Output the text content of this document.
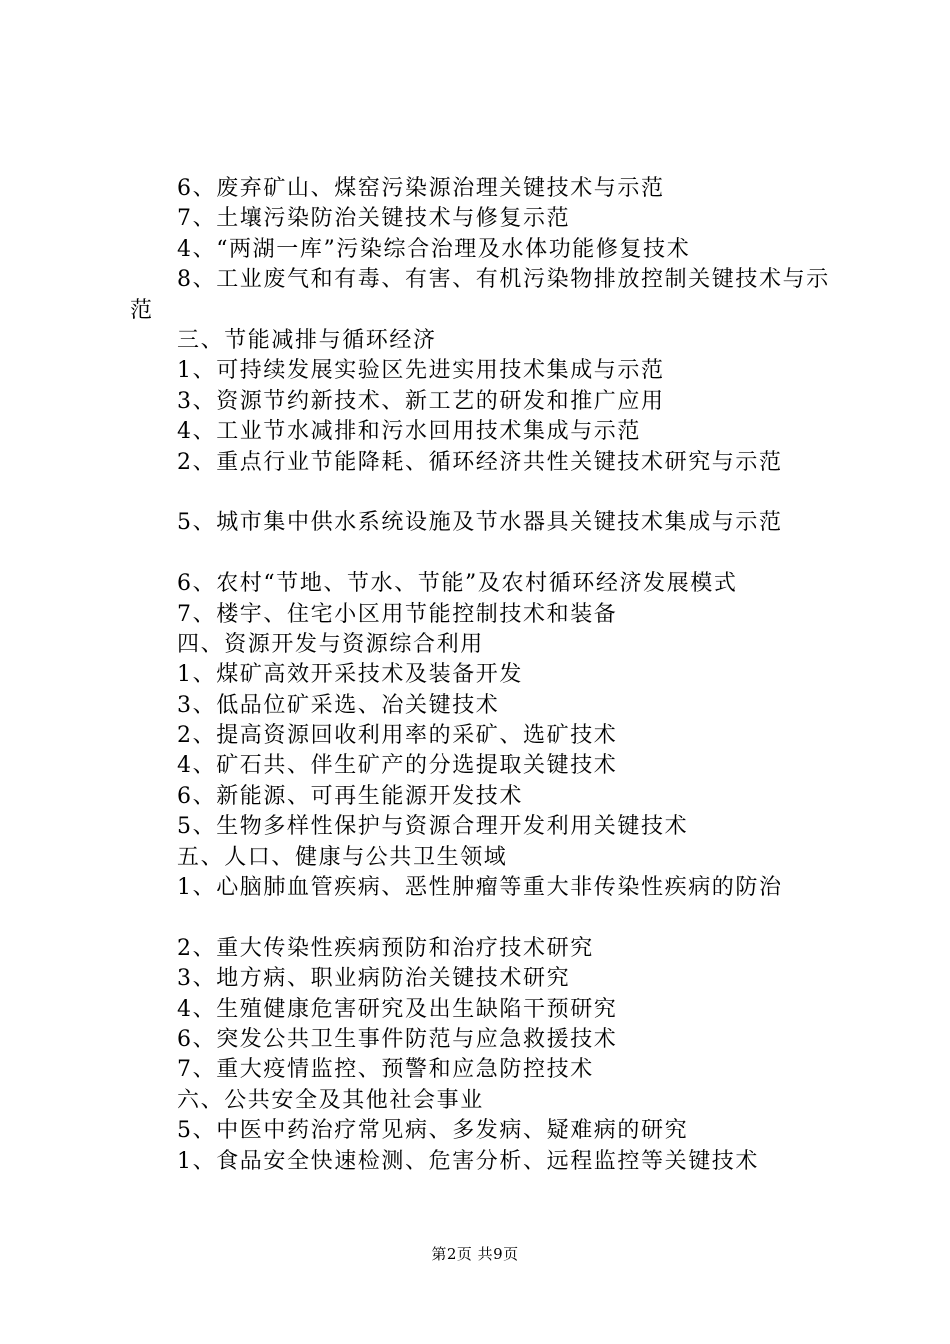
6、废弃矿山、煤窑污染源治理关键技术与示范
7、土壤污染防治关键技术与修复示范
4、“两湖一库”污染综合治理及水体功能修复技术
8、工业废气和有毒、有害、有机污染物排放控制关键技术与示范
三、节能减排与循环经济
1、可持续发展实验区先进实用技术集成与示范
3、资源节约新技术、新工艺的研发和推广应用
4、工业节水减排和污水回用技术集成与示范
2、重点行业节能降耗、循环经济共性关键技术研究与示范
5、城市集中供水系统设施及节水器具关键技术集成与示范
6、农村“节地、节水、节能”及农村循环经济发展模式
7、楼宇、住宅小区用节能控制技术和装备
四、资源开发与资源综合利用
1、煤矿高效开采技术及装备开发
3、低品位矿采选、冶关键技术
2、提高资源回收利用率的采矿、选矿技术
4、矿石共、伴生矿产的分选提取关键技术
6、新能源、可再生能源开发技术
5、生物多样性保护与资源合理开发利用关键技术
五、人口、健康与公共卫生领域
1、心脑肺血管疾病、恶性肿瘤等重大非传染性疾病的防治
2、重大传染性疾病预防和治疗技术研究
3、地方病、职业病防治关键技术研究
4、生殖健康危害研究及出生缺陷干预研究
6、突发公共卫生事件防范与应急救援技术
7、重大疫情监控、预警和应急防控技术
六、公共安全及其他社会事业
5、中医中药治疗常见病、多发病、疑难病的研究
1、食品安全快速检测、危害分析、远程监控等关键技术
第2页 共9页
